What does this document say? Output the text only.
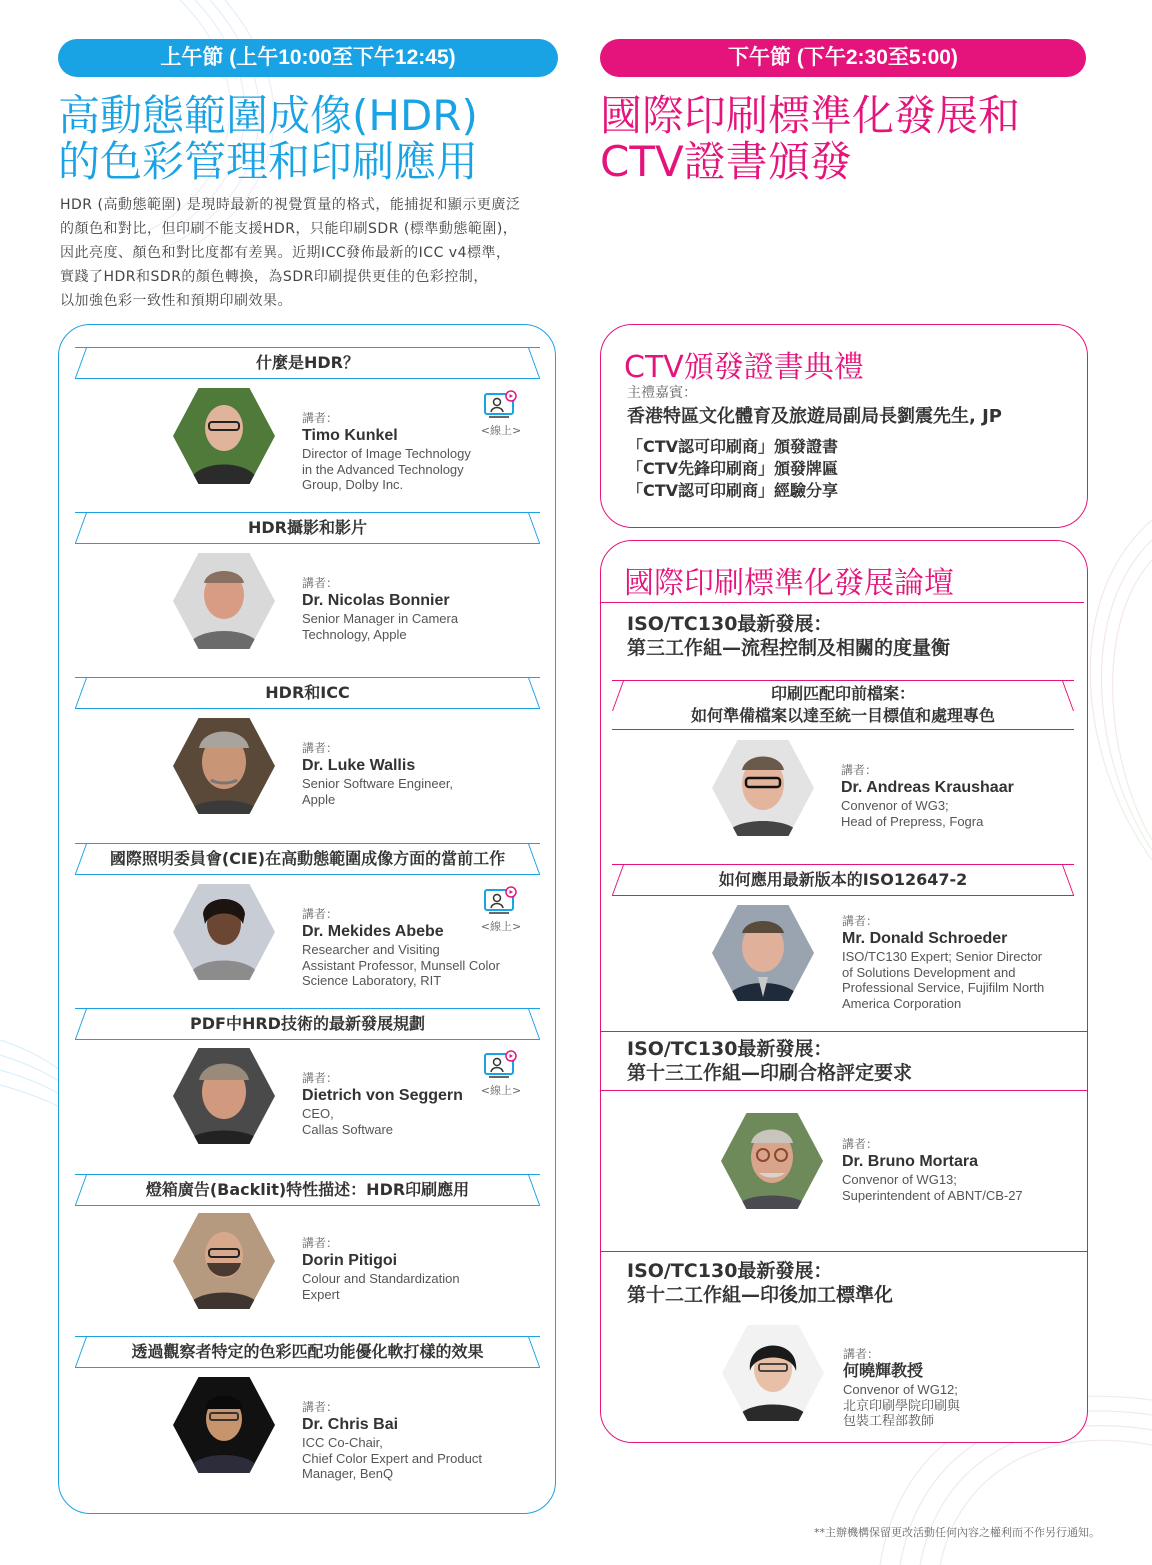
上午節 (上午10:00至下午12:45)
高動態範圍成像(HDR)
的色彩管理和印刷應用
HDR (高動態範圍) 是現時最新的視覺質量的格式，能捕捉和顯示更廣泛
的顏色和對比，但印刷不能支援HDR，只能印刷SDR (標準動態範圍)，
因此亮度、顏色和對比度都有差異。近期ICC發佈最新的ICC v4標準，
實踐了HDR和SDR的顏色轉換，為SDR印刷提供更佳的色彩控制，
以加強色彩一致性和預期印刷效果。
下午節 (下午2:30至5:00)
國際印刷標準化發展和
CTV證書頒發
什麼是HDR？
講者：
Timo Kunkel
Director of Image Technology
in the Advanced Technology
Group, Dolby Inc.
<線上>
HDR攝影和影片
講者：
Dr. Nicolas Bonnier
Senior Manager in Camera
Technology, Apple
HDR和ICC
講者：
Dr. Luke Wallis
Senior Software Engineer,
Apple
國際照明委員會(CIE)在高動態範圍成像方面的當前工作
講者：
Dr. Mekides Abebe
Researcher and Visiting
Assistant Professor, Munsell Color
Science Laboratory, RIT
<線上>
PDF中HRD技術的最新發展規劃
講者：
Dietrich von Seggern
CEO,
Callas Software
<線上>
燈箱廣告(Backlit)特性描述：HDR印刷應用
講者：
Dorin Pitigoi
Colour and Standardization
Expert
透過觀察者特定的色彩匹配功能優化軟打樣的效果
講者：
Dr. Chris Bai
ICC Co-Chair,
Chief Color Expert and Product
Manager, BenQ
CTV頒發證書典禮
主禮嘉賓：
香港特區文化體育及旅遊局副局長劉震先生, JP
「CTV認可印刷商」頒發證書
「CTV先鋒印刷商」頒發牌匾
「CTV認可印刷商」經驗分享
國際印刷標準化發展論壇
ISO/TC130最新發展：
第三工作組—流程控制及相關的度量衡
印刷匹配印前檔案：
如何準備檔案以達至統一目標值和處理專色
講者：
Dr. Andreas Kraushaar
Convenor of WG3;
Head of Prepress, Fogra
如何應用最新版本的ISO12647-2
講者：
Mr. Donald Schroeder
ISO/TC130 Expert; Senior Director
of Solutions Development and
Professional Service, Fujifilm North
America Corporation
ISO/TC130最新發展：
第十三工作組—印刷合格評定要求
講者：
Dr. Bruno Mortara
Convenor of WG13;
Superintendent of ABNT/CB-27
ISO/TC130最新發展：
第十二工作組—印後加工標準化
講者：
何曉輝教授
Convenor of WG12;
北京印刷學院印刷與
包裝工程部教師
**主辦機構保留更改活動任何內容之權利而不作另行通知。
